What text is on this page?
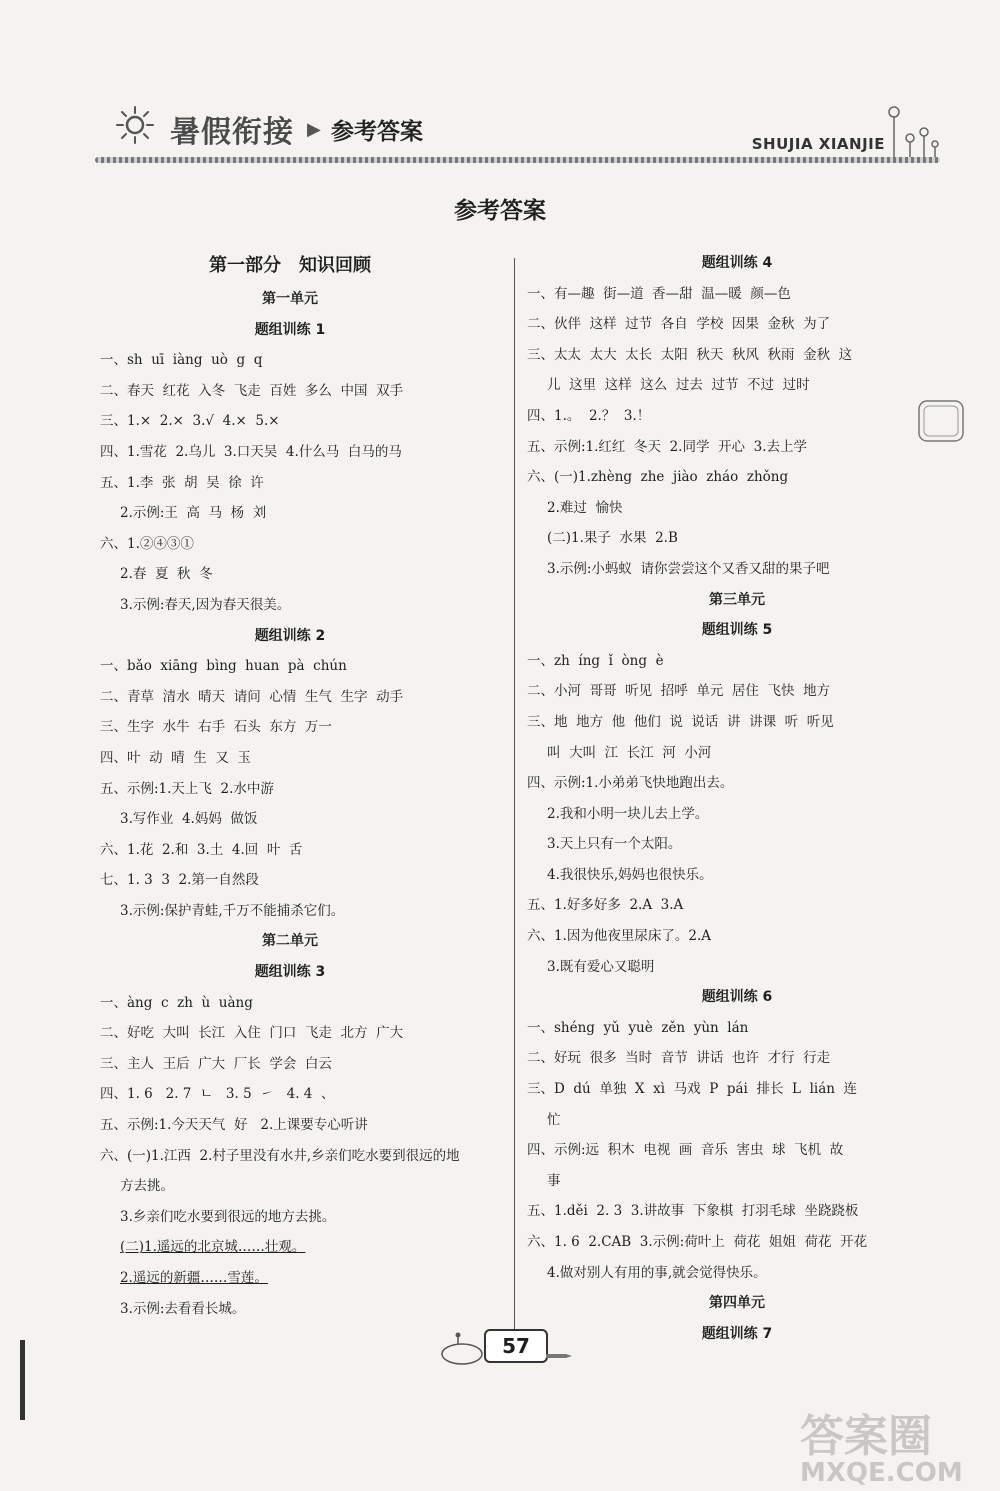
暑假衔接 ▶ 参考答案	SHUJIA XIANJIE
参考答案
第一部分　知识回顾
第一单元
题组训练 1
一、sh  uī  iàng  uò  g  q
二、春天  红花  入冬  飞走  百姓  多么  中国  双手
三、1.×  2.×  3.√  4.×  5.×
四、1.雪花  2.乌儿  3.口天吴  4.什么马  白马的马
五、1.李  张  胡  吴  徐  许
2.示例:王  高  马  杨  刘
六、1.②④③①
2.春  夏  秋  冬
3.示例:春天,因为春天很美。
题组训练 2
一、bǎo  xiāng  bìng  huan  pà  chún
二、青草  清水  晴天  请问  心情  生气  生字  动手
三、生字  水牛  右手  石头  东方  万一
四、叶  动  晴  生  又  玉
五、示例:1.天上飞  2.水中游
3.写作业  4.妈妈  做饭
六、1.花  2.和  3.土  4.回  叶  舌
七、1. 3  3  2.第一自然段
3.示例:保护青蛙,千万不能捕杀它们。
第二单元
题组训练 3
一、àng  c  zh  ù  uàng
二、好吃  大叫  长江  入住  门口  飞走  北方  广大
三、主人  王后  广大  厂长  学会  白云
四、1. 6   2. 7  ㄴ   3. 5  ㇀   4. 4  、
五、示例:1.今天天气  好   2.上课要专心听讲
六、(一)1.江西  2.村子里没有水井,乡亲们吃水要到很远的地
方去挑。
3.乡亲们吃水要到很远的地方去挑。
(二)1.遥远的北京城……壮观。
2.遥远的新疆……雪莲。
3.示例:去看看长城。
题组训练 4
一、有—趣  街—道  香—甜  温—暖  颜—色
二、伙伴  这样  过节  各自  学校  因果  金秋  为了
三、太太  太大  太长  太阳  秋天  秋风  秋雨  金秋  这
儿  这里  这样  这么  过去  过节  不过  过时
四、1.。  2.？  3.！
五、示例:1.红红  冬天  2.同学  开心  3.去上学
六、(一)1.zhèng  zhe  jiào  zháo  zhǒng
2.难过  愉快
(二)1.果子  水果  2.B
3.示例:小蚂蚁  请你尝尝这个又香又甜的果子吧
第三单元
题组训练 5
一、zh  íng  ǐ  òng  è
二、小河  哥哥  听见  招呼  单元  居住  飞快  地方
三、地  地方  他  他们  说  说话  讲  讲课  听  听见
叫  大叫  江  长江  河  小河
四、示例:1.小弟弟飞快地跑出去。
2.我和小明一块儿去上学。
3.天上只有一个太阳。
4.我很快乐,妈妈也很快乐。
五、1.好多好多  2.A  3.A
六、1.因为他夜里尿床了。2.A
3.既有爱心又聪明
题组训练 6
一、shéng  yǔ  yuè  zěn  yùn  lán
二、好玩  很多  当时  音节  讲话  也许  才行  行走
三、D  dú  单独  X  xì  马戏  P  pái  排长  L  lián  连
忙
四、示例:远  积木  电视  画  音乐  害虫  球  飞机  故
事
五、1.děi  2. 3  3.讲故事  下象棋  打羽毛球  坐跷跷板
六、1. 6  2.CAB  3.示例:荷叶上  荷花  姐姐  荷花  开花
4.做对别人有用的事,就会觉得快乐。
第四单元
题组训练 7
57
答案圈
MXQE.COM
